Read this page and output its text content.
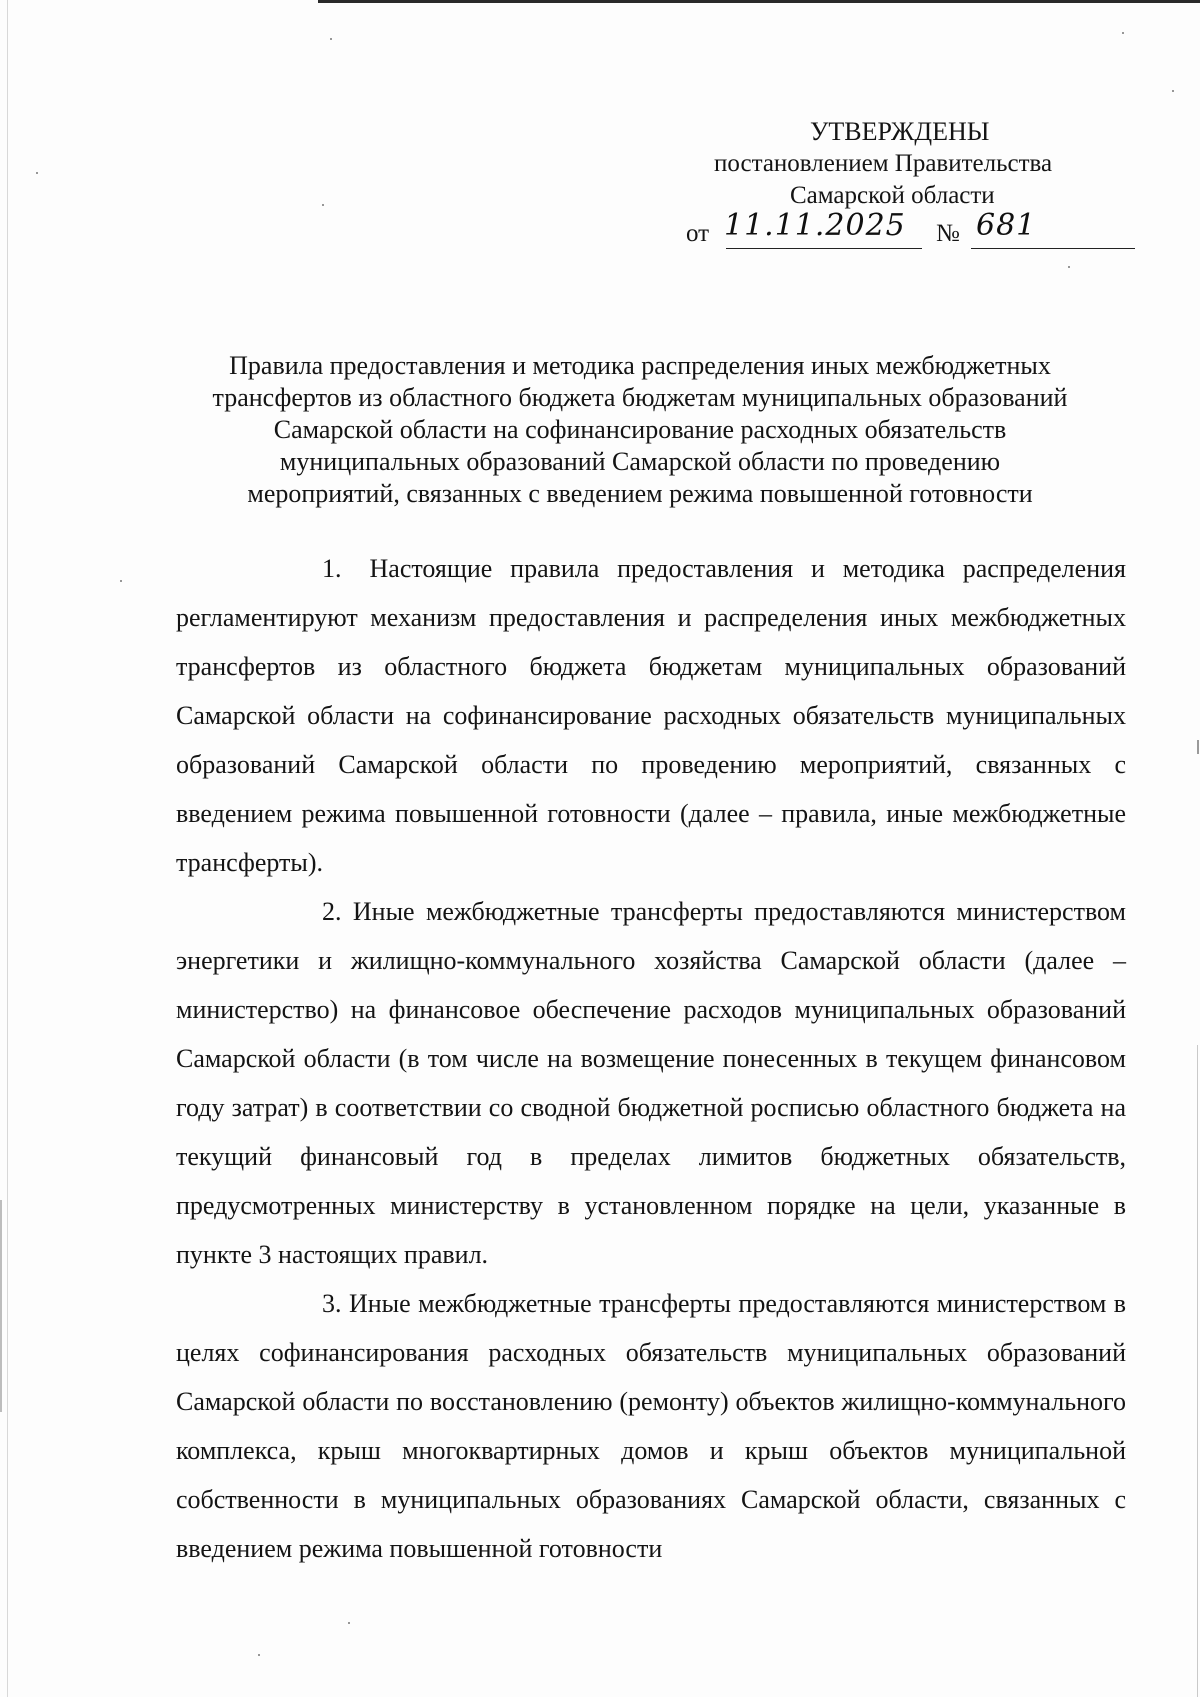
УТВЕРЖДЕНЫ
постановлением Правительства
Самарской области
от 11.11.2025 № 681
Правила предоставления и методика распределения иных межбюджетных
трансфертов из областного бюджета бюджетам муниципальных образований
Самарской области на софинансирование расходных обязательств
муниципальных образований Самарской области по проведению
мероприятий, связанных с введением режима повышенной готовности

1. Настоящие правила предоставления и методика распределения регламентируют механизм предоставления и распределения иных межбюджетных трансфертов из областного бюджета бюджетам муниципальных образований Самарской области на софинансирование расходных обязательств муниципальных образований Самарской области по проведению мероприятий, связанных с введением режима повышенной готовности (далее – правила, иные межбюджетные трансферты).

2. Иные межбюджетные трансферты предоставляются министерством энергетики и жилищно-коммунального хозяйства Самарской области (далее – министерство) на финансовое обеспечение расходов муниципальных образований Самарской области (в том числе на возмещение понесенных в текущем финансовом году затрат) в соответствии со сводной бюджетной росписью областного бюджета на текущий финансовый год в пределах лимитов бюджетных обязательств, предусмотренных министерству в установленном порядке на цели, указанные в пункте 3 настоящих правил.

3. Иные межбюджетные трансферты предоставляются министерством в целях софинансирования расходных обязательств муниципальных образований Самарской области по восстановлению (ремонту) объектов жилищно-коммунального комплекса, крыш многоквартирных домов и крыш объектов муниципальной собственности в муниципальных образованиях Самарской области, связанных с введением режима повышенной готовности
